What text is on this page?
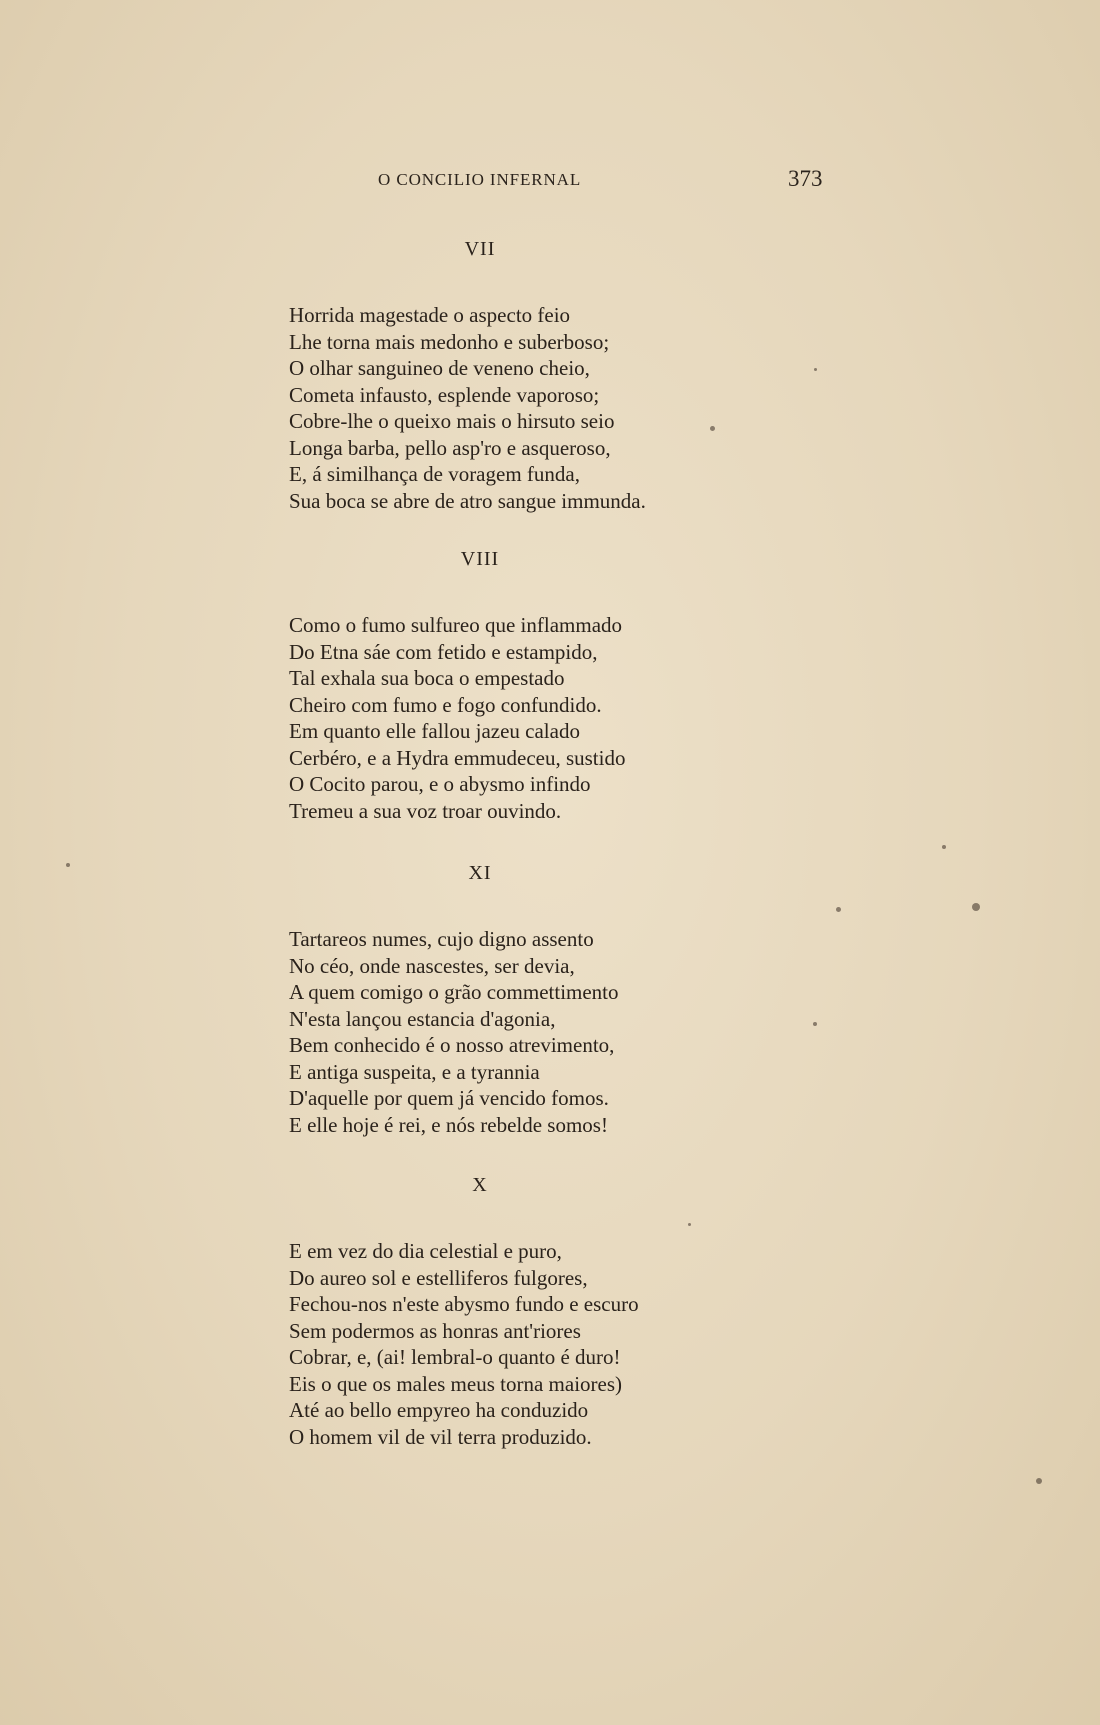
O CONCILIO INFERNAL	373
VII
Horrida magestade o aspecto feio
Lhe torna mais medonho e suberboso;
O olhar sanguineo de veneno cheio,
Cometa infausto, esplende vaporoso;
Cobre-lhe o queixo mais o hirsuto seio
Longa barba, pello asp'ro e asqueroso,
E, á similhança de voragem funda,
Sua boca se abre de atro sangue immunda.
VIII
Como o fumo sulfureo que inflammado
Do Etna sáe com fetido e estampido,
Tal exhala sua boca o empestado
Cheiro com fumo e fogo confundido.
Em quanto elle fallou jazeu calado
Cerbéro, e a Hydra emmudeceu, sustido
O Cocito parou, e o abysmo infindo
Tremeu a sua voz troar ouvindo.
XI
Tartareos numes, cujo digno assento
No céo, onde nascestes, ser devia,
A quem comigo o grão commettimento
N'esta lançou estancia d'agonia,
Bem conhecido é o nosso atrevimento,
E antiga suspeita, e a tyrannia
D'aquelle por quem já vencido fomos.
E elle hoje é rei, e nós rebelde somos!
X
E em vez do dia celestial e puro,
Do aureo sol e estelliferos fulgores,
Fechou-nos n'este abysmo fundo e escuro
Sem podermos as honras ant'riores
Cobrar, e, (ai! lembral-o quanto é duro!
Eis o que os males meus torna maiores)
Até ao bello empyreo ha conduzido
O homem vil de vil terra produzido.
